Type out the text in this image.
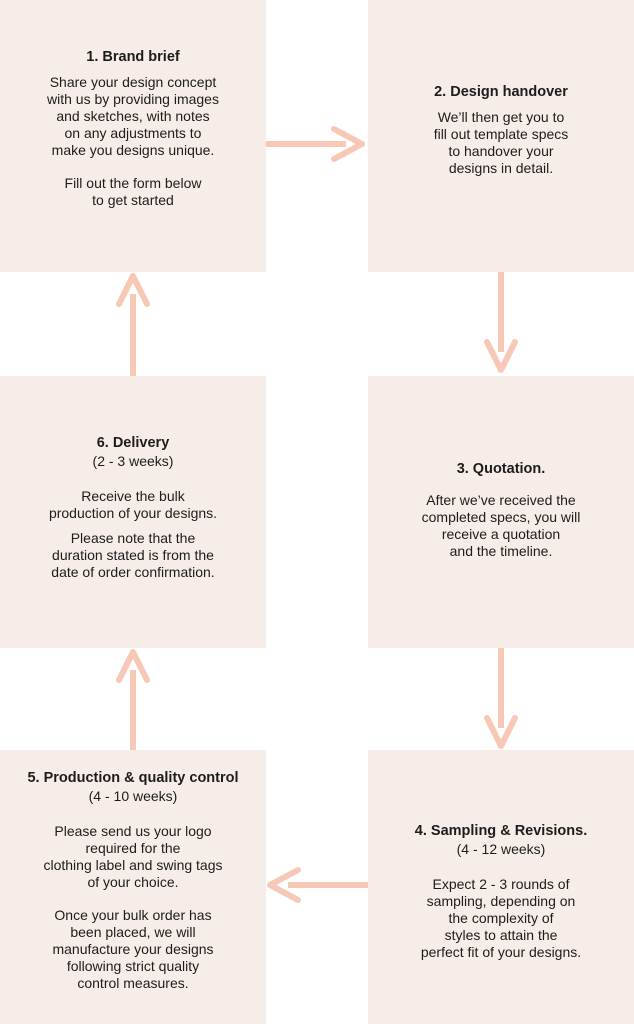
1. Brand brief
Share your design concept
with us by providing images
and sketches, with notes
on any adjustments to
make you designs unique.
Fill out the form below
to get started
2. Design handover
We’ll then get you to
fill out template specs
to handover your
designs in detail.
6. Delivery
(2 - 3 weeks)
Receive the bulk
production of your designs.
Please note that the
duration stated is from the
date of order confirmation.
3. Quotation.
After we’ve received the
completed specs, you will
receive a quotation
and the timeline.
5. Production & quality control
(4 - 10 weeks)
Please send us your logo
required for the
clothing label and swing tags
of your choice.
Once your bulk order has
been placed, we will
manufacture your designs
following strict quality
control measures.
4. Sampling & Revisions.
(4 - 12 weeks)
Expect 2 - 3 rounds of
sampling, depending on
the complexity of
styles to attain the
perfect fit of your designs.
